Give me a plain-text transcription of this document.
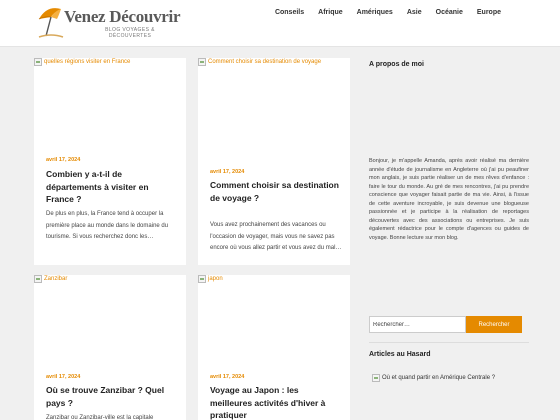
Venez Découvrir
BLOG VOYAGES & DÉCOUVERTES
Conseils	Afrique	Amériques	Asie	Océanie	Europe
quelles régions visiter en France
avril 17, 2024
Combien y a-t-il de départements à visiter en France ?
De plus en plus, la France tend à occuper la première place au monde dans le domaine du tourisme. Si vous recherchez donc les…
Comment choisir sa destination de voyage
avril 17, 2024
Comment choisir sa destination de voyage ?
Vous avez prochainement des vacances ou l'occasion de voyager, mais vous ne savez pas encore où vous allez partir et vous avez du mal…
Zanzibar
avril 17, 2024
Où se trouve Zanzibar ? Quel pays ?
Zanzibar ou Zanzibar-ville est la capitale
japon
avril 17, 2024
Voyage au Japon : les meilleures activités d'hiver à pratiquer
A propos de moi
Bonjour, je m'appelle Amanda, après avoir réalisé ma dernière année d'étude de journalisme en Angleterre où j'ai pu peaufiner mon anglais, je suis partie réaliser un de mes rêves d'enfance : faire le tour du monde. Au gré de mes rencontres, j'ai pu prendre conscience que voyager faisait partie de ma vie. Ainsi, à l'issue de cette aventure incroyable, je suis devenue une blogueuse passionnée et je participe à la réalisation de reportages découvertes avec des associations ou entreprises. Je suis également rédactrice pour le compte d'agences ou guides de voyage. Bonne lecture sur mon blog.
Rechercher…
Rechercher
Articles au Hasard
Où et quand partir en Amérique Centrale ?
